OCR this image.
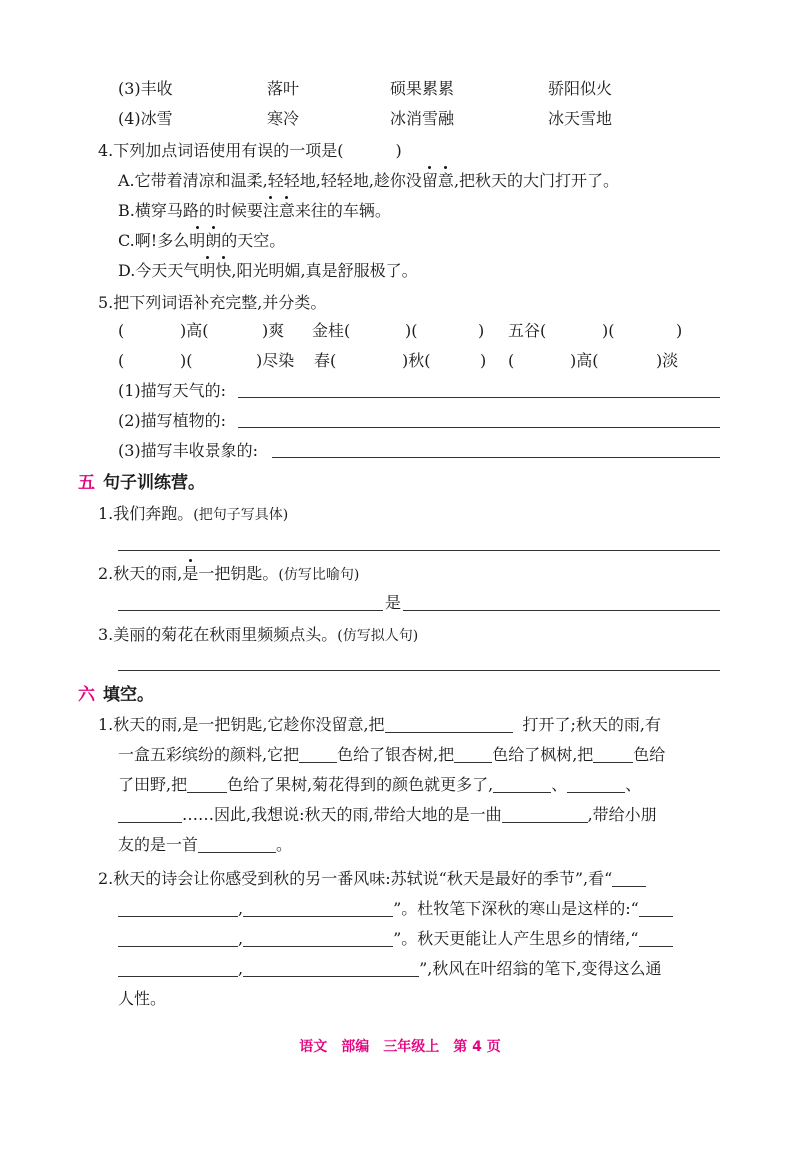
(3)丰收	落叶	硕果累累	骄阳似火
(4)冰雪	寒冷	冰消雪融	冰天雪地
4.下列加点词语使用有误的一项是(	)
A.它带着清凉和温柔,轻轻地,轻轻地,趁你没留意,把秋天的大门打开了。
B.横穿马路的时候要注意来往的车辆。
C.啊!多么明朗的天空。
D.今天天气明快,阳光明媚,真是舒服极了。
5.把下列词语补充完整,并分类。
(	)高(	)爽 金桂(	)(	) 五谷(	)(	)
(	)(	)尽染 春(	)秋(	) (	)高(	)淡
(1)描写天气的:
(2)描写植物的:
(3)描写丰收景象的:
五 句子训练营。
1.我们奔跑。(把句子写具体)
2.秋天的雨,是一把钥匙。(仿写比喻句)
是
3.美丽的菊花在秋雨里频频点头。(仿写拟人句)
六 填空。
1.秋天的雨,是一把钥匙,它趁你没留意,把	打开了;秋天的雨,有
一盒五彩缤纷的颜料,它把 色给了银杏树,把 色给了枫树,把	色给
了田野,把	色给了果树,菊花得到的颜色就更多了,	、	、
……因此,我想说:秋天的雨,带给大地的是一曲	,带给小朋
友的是一首	。
2.秋天的诗会让你感受到秋的另一番风味:苏轼说“秋天是最好的季节”,看“
,	”。杜牧笔下深秋的寒山是这样的:“
,	”。秋天更能让人产生思乡的情绪,“
,	”,秋风在叶绍翁的笔下,变得这么通
人性。
语文 部编 三年级上 第 4 页
